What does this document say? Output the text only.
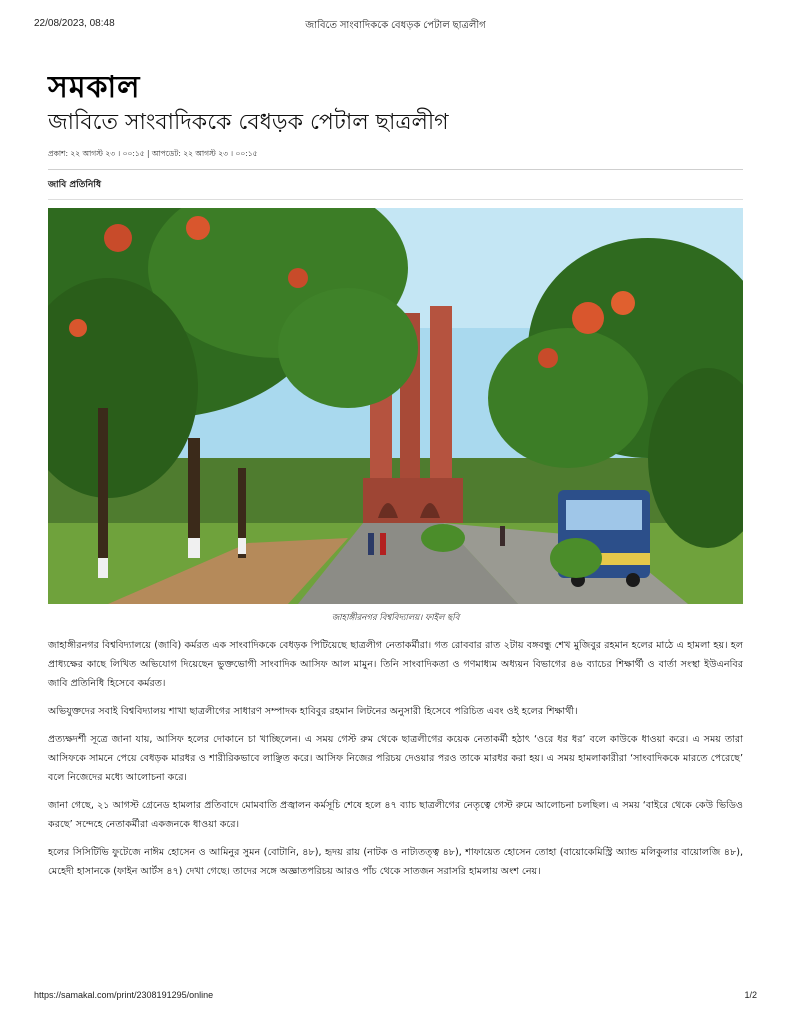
22/08/2023, 08:48	জাবিতে সাংবাদিককে বেধড়ক পেটাল ছাত্রলীগ
সমকাল
জাবিতে সাংবাদিককে বেধড়ক পেটাল ছাত্রলীগ
প্রকাশ: ২২ আগস্ট ২৩ । ০০:১৫ | আপডেট: ২২ আগস্ট ২৩ । ০০:১৫
জাবি প্রতিনিধি
জাহাঙ্গীরনগর বিশ্ববিদ্যালয়। ফাইল ছবি

জাহাঙ্গীরনগর বিশ্ববিদ্যালয়ে (জাবি) কর্মরত এক সাংবাদিককে বেধড়ক পিটিয়েছে ছাত্রলীগ নেতাকর্মীরা। গত রোববার রাত ২টায় বঙ্গবন্ধু শেখ মুজিবুর রহমান হলের মাঠে এ হামলা হয়। হল প্রাধ্যক্ষের কাছে লিখিত অভিযোগ দিয়েছেন ভুক্তভোগী সাংবাদিক আসিফ আল মামুন। তিনি সাংবাদিকতা ও গণমাধ্যম অধ্যয়ন বিভাগের ৪৬ ব্যাচের শিক্ষার্থী ও বার্তা সংস্থা ইউএনবির জাবি প্রতিনিধি হিসেবে কর্মরত।

অভিযুক্তদের সবাই বিশ্ববিদ্যালয় শাখা ছাত্রলীগের সাধারণ সম্পাদক হাবিবুর রহমান লিটনের অনুসারী হিসেবে পরিচিত এবং ওই হলের শিক্ষার্থী।

প্রত্যক্ষদর্শী সূত্রে জানা যায়, আসিফ হলের দোকানে চা খাচ্ছিলেন। এ সময় গেস্ট রুম থেকে ছাত্রলীগের কয়েক নেতাকর্মী হঠাৎ ‘ওরে ধর ধর’ বলে কাউকে ধাওয়া করে। এ সময় তারা আসিফকে সামনে পেয়ে বেধড়ক মারধর ও শারীরিকভাবে লাঞ্ছিত করে। আসিফ নিজের পরিচয় দেওয়ার পরও তাকে মারধর করা হয়। এ সময় হামলাকারীরা ‘সাংবাদিককে মারতে পেরেছে’ বলে নিজেদের মধ্যে আলোচনা করে।

জানা গেছে, ২১ আগস্ট গ্রেনেড হামলার প্রতিবাদে মোমবাতি প্রজ্বালন কর্মসূচি শেষে হলে ৪৭ ব্যাচ ছাত্রলীগের নেতৃত্বে গেস্ট রুমে আলোচনা চলছিল। এ সময় ‘বাইরে থেকে কেউ ভিডিও করছে’ সন্দেহে নেতাকর্মীরা একজনকে ধাওয়া করে।

হলের সিসিটিভি ফুটেজে নাঈম হোসেন ও আমিনুর সুমন (বোটানি, ৪৮), হৃদয় রায় (নাটক ও নাট্যতত্ত্ব ৪৮), শাফায়েত হোসেন তোহা (বায়োকেমিস্ট্রি অ্যান্ড মলিকুলার বায়োলজি ৪৮), মেহেদী হাসানকে (ফাইন আর্টস ৪৭) দেখা গেছে। তাদের সঙ্গে অজ্ঞাতপরিচয় আরও পাঁচ থেকে সাতজন সরাসরি হামলায় অংশ নেয়।

https://samakal.com/print/2308191295/online	1/2
